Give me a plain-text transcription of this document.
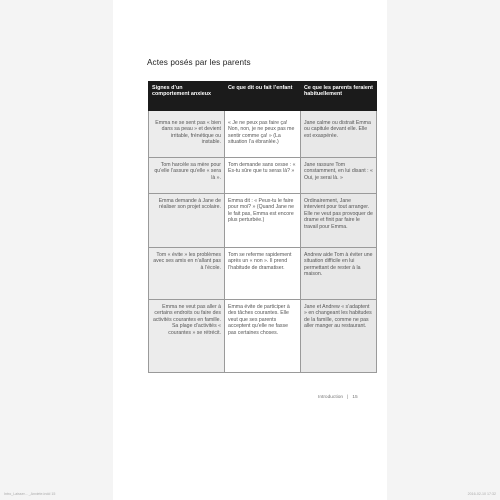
Actes posés par les parents
Signes d’un comportement anxieux	Ce que dit ou fait l’enfant	Ce que les parents feraient habituellement
Emma ne se sent pas « bien dans sa peau » et devient irritable, frénétique ou instable.	« Je ne peux pas faire ça! Non, non, je ne peux pas me sentir comme ça! » (La situation l’a ébranlée.)	Jane calme ou distrait Emma ou capitule devant elle. Elle est exaspérée.
Tom harcèle sa mère pour qu’elle l’assure qu’elle « sera là ».	Tom demande sans cesse : « Es-tu sûre que tu seras là? »	Jane rassure Tom constamment, en lui disant : « Oui, je serai là. »
Emma demande à Jane de réaliser son projet scolaire.	Emma dit : « Peux-tu le faire pour moi? » (Quand Jane ne le fait pas, Emma est encore plus perturbée.)	Ordinairement, Jane intervient pour tout arranger. Elle ne veut pas provoquer de drame et finit par faire le travail pour Emma.
Tom « évite » les problèmes avec ses amis en n’allant pas à l’école.	Tom se referme rapidement après un « non ». Il prend l’habitude de dramatiser.	Andrew aide Tom à éviter une situation difficile en lui permettant de rester à la maison.
Emma ne veut pas aller à certains endroits ou faire des activités courantes en famille. Sa plage d’activités « courantes » se rétrécit.	Emma évite de participer à des tâches courantes. Elle veut que ses parents acceptent qu’elle ne fasse pas certaines choses.	Jane et Andrew « s’adaptent » en changeant les habitudes de la famille, comme ne pas aller manger au restaurant.
Introduction | 15
Intro_Laisser... _Anxiete.indd 15	2016-02-10 17:32
